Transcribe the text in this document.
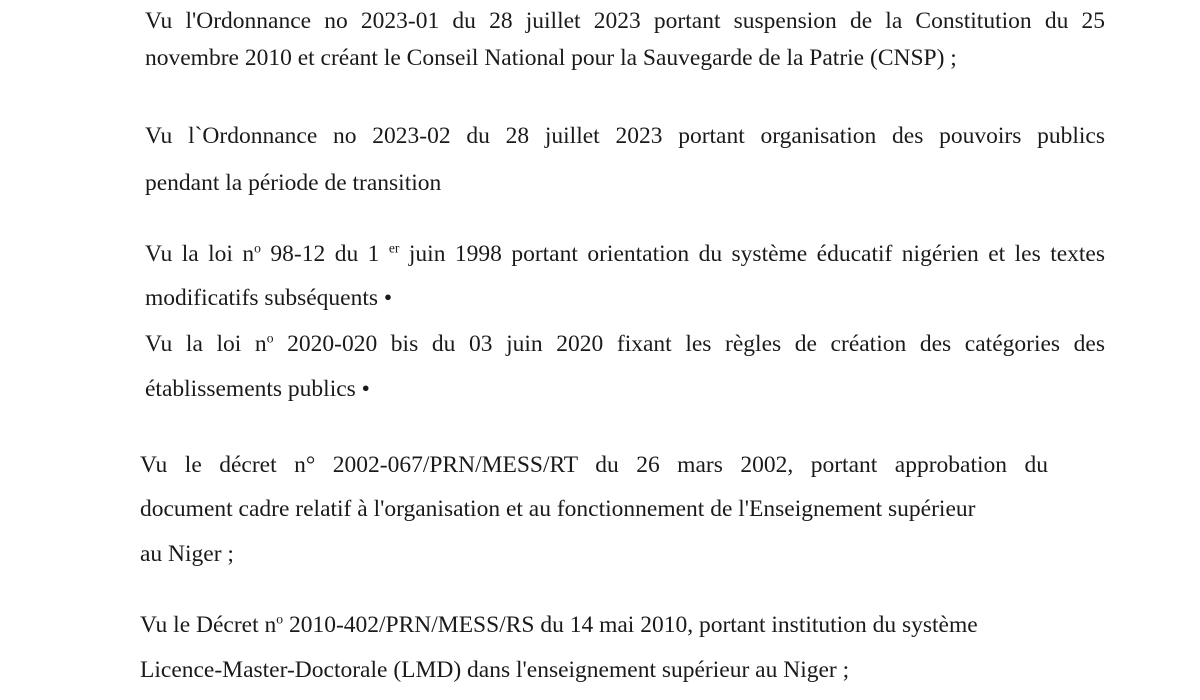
Vu l'Ordonnance no 2023-01 du 28 juillet 2023 portant suspension de la Constitution du 25
novembre 2010 et créant le Conseil National pour la Sauvegarde de la Patrie (CNSP) ;
Vu l`Ordonnance no 2023-02 du 28 juillet 2023 portant organisation des pouvoirs publics
pendant la période de transition
Vu la loi $n^o$ 98-12 du 1 $^{er}$ juin 1998 portant orientation du système éducatif nigérien et les textes
modificatifs subséquents •
Vu la loi $n^o$ 2020-020 bis du 03 juin 2020 fixant les règles de création des catégories des
établissements publics •
Vu le décret n° 2002-067/PRN/MESS/RT du 26 mars 2002, portant approbation du
document cadre relatif à l'organisation et au fonctionnement de l'Enseignement supérieur
au Niger ;
Vu le Décret $n^o$ 2010-402/PRN/MESS/RS du 14 mai 2010, portant institution du système
Licence-Master-Doctorale (LMD) dans l'enseignement supérieur au Niger ;
